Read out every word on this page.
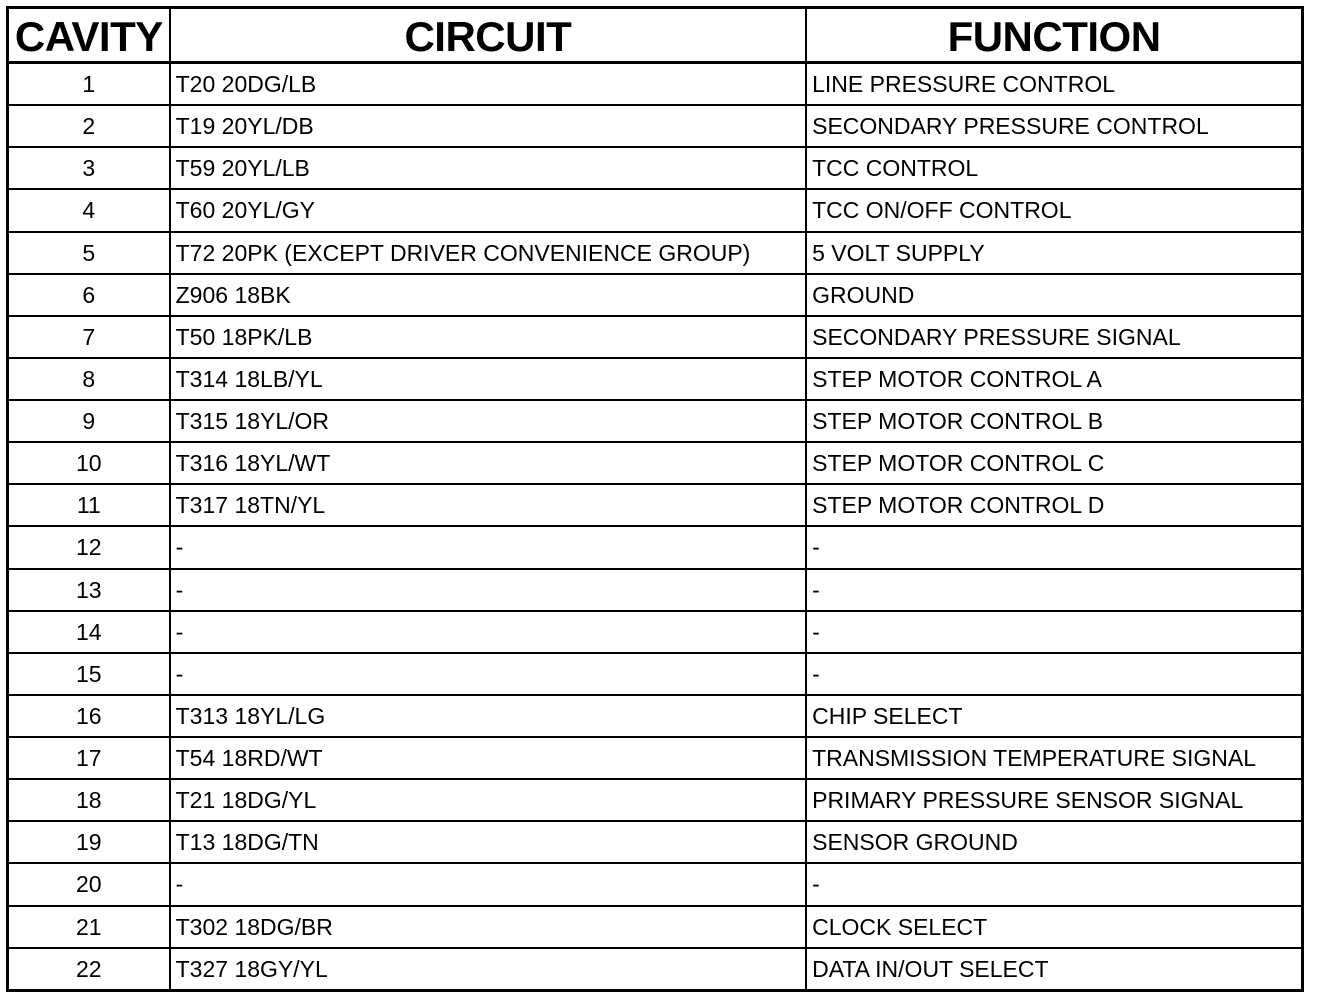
CAVITY	CIRCUIT	FUNCTION
1	T20 20DG/LB	LINE PRESSURE CONTROL
2	T19 20YL/DB	SECONDARY PRESSURE CONTROL
3	T59 20YL/LB	TCC CONTROL
4	T60 20YL/GY	TCC ON/OFF CONTROL
5	T72 20PK (EXCEPT DRIVER CONVENIENCE GROUP)	5 VOLT SUPPLY
6	Z906 18BK	GROUND
7	T50 18PK/LB	SECONDARY PRESSURE SIGNAL
8	T314 18LB/YL	STEP MOTOR CONTROL A
9	T315 18YL/OR	STEP MOTOR CONTROL B
10	T316 18YL/WT	STEP MOTOR CONTROL C
11	T317 18TN/YL	STEP MOTOR CONTROL D
12	-	-
13	-	-
14	-	-
15	-	-
16	T313 18YL/LG	CHIP SELECT
17	T54 18RD/WT	TRANSMISSION TEMPERATURE SIGNAL
18	T21 18DG/YL	PRIMARY PRESSURE SENSOR SIGNAL
19	T13 18DG/TN	SENSOR GROUND
20	-	-
21	T302 18DG/BR	CLOCK SELECT
22	T327 18GY/YL	DATA IN/OUT SELECT
